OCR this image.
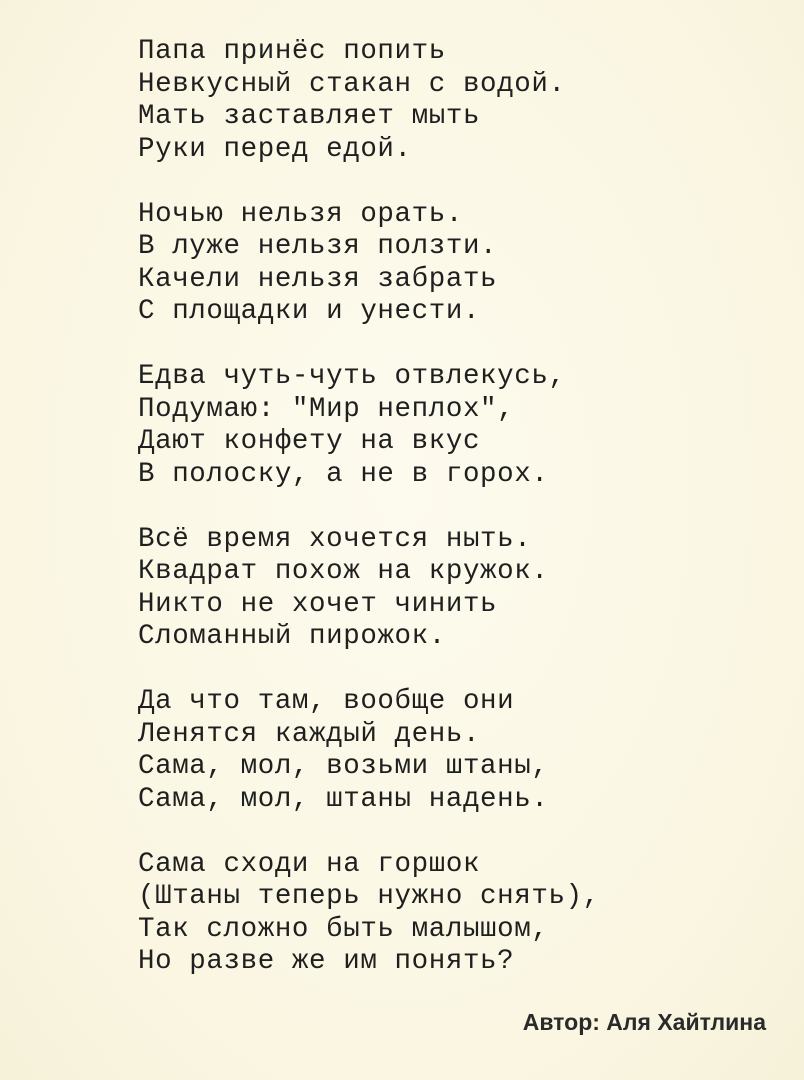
Папа принёс попить
Невкусный стакан с водой.
Мать заставляет мыть
Руки перед едой.
Ночью нельзя орать.
В луже нельзя ползти.
Качели нельзя забрать
С площадки и унести.
Едва чуть-чуть отвлекусь,
Подумаю: "Мир неплох",
Дают конфету на вкус
В полоску, а не в горох.
Всё время хочется ныть.
Квадрат похож на кружок.
Никто не хочет чинить
Сломанный пирожок.
Да что там, вообще они
Ленятся каждый день.
Сама, мол, возьми штаны,
Сама, мол, штаны надень.
Сама сходи на горшок
(Штаны теперь нужно снять),
Так сложно быть малышом,
Но разве же им понять?
Автор: Аля Хайтлина
